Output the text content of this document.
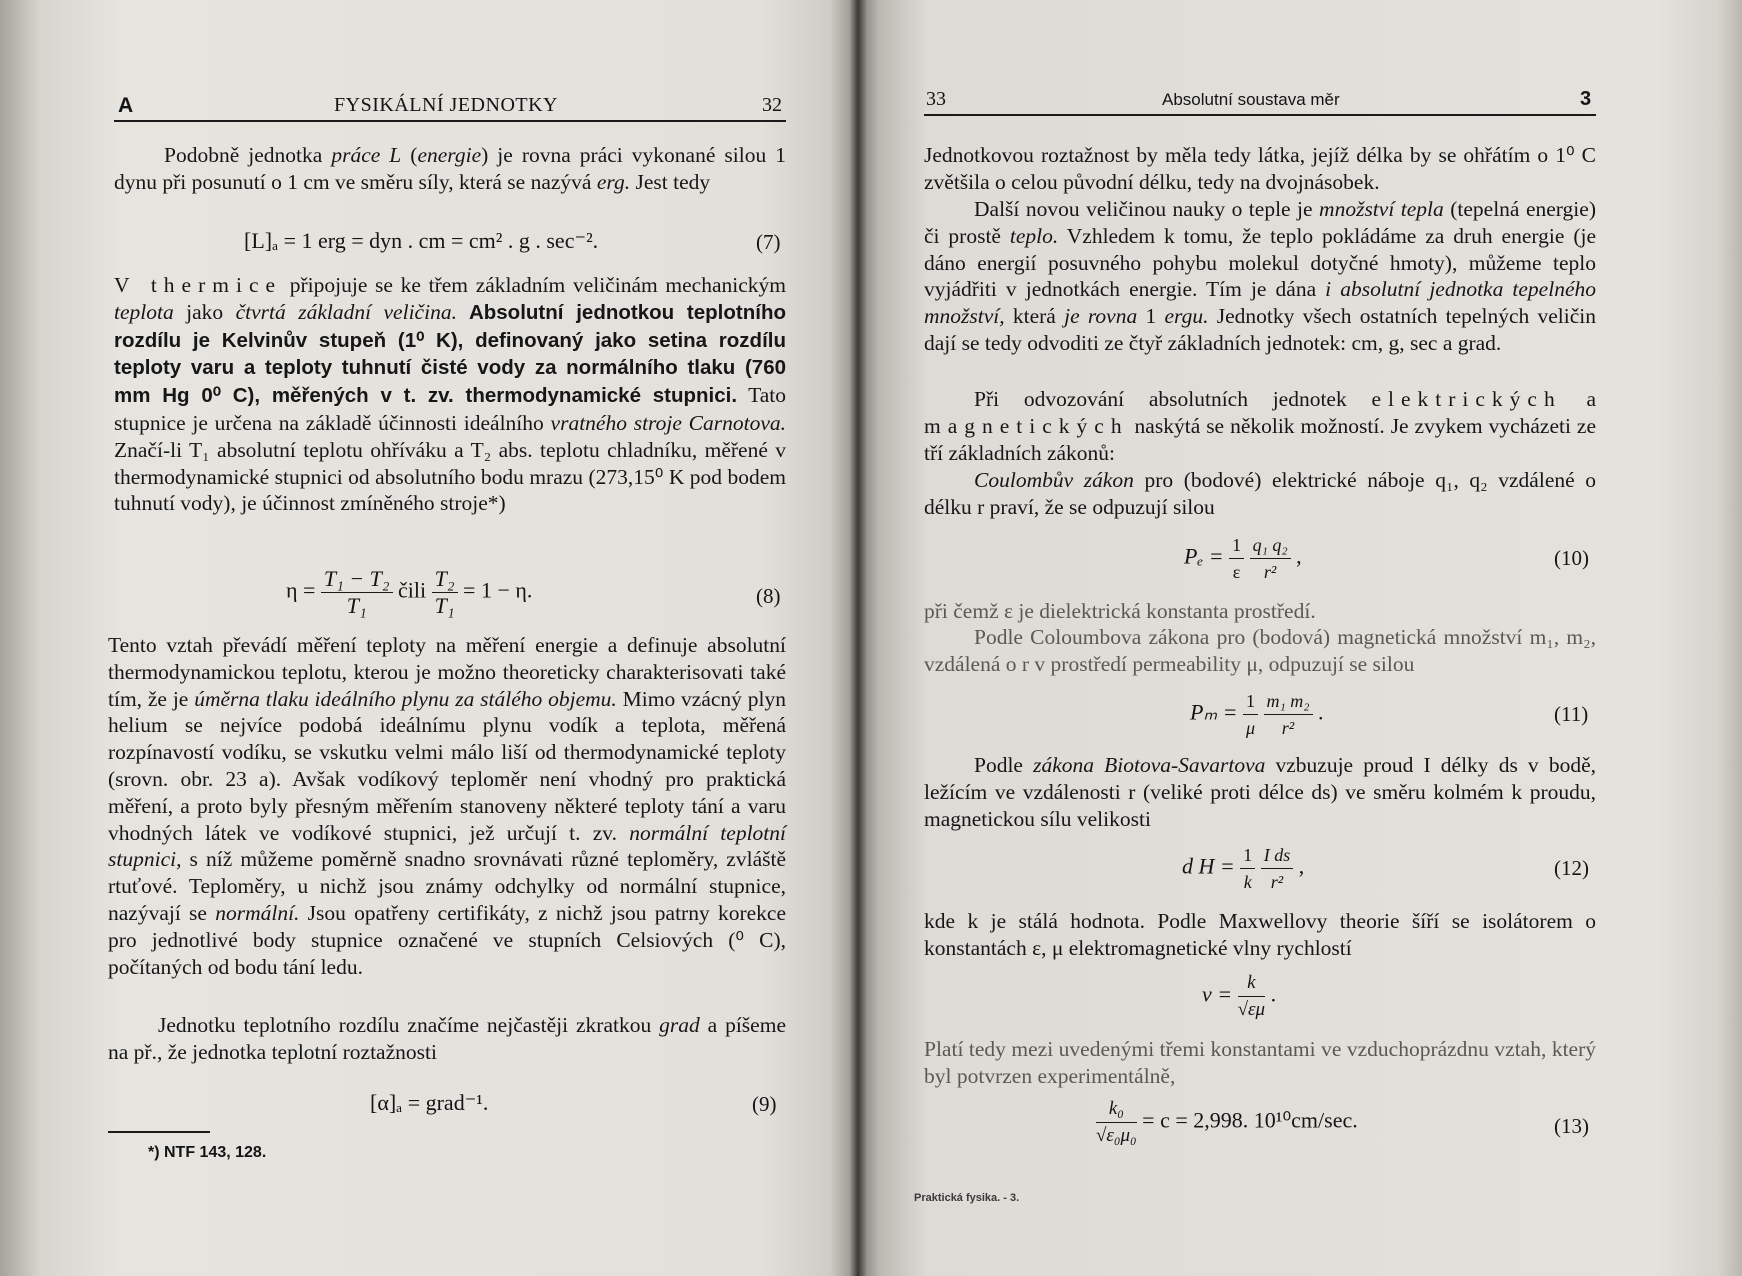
A	FYSIKÁLNÍ JEDNOTKY	32

Podobně jednotka práce L (energie) je rovna práci vykonané silou 1 dynu při posunutí o 1 cm ve směru síly, která se nazývá erg. Jest tedy

[L]ₐ = 1 erg = dyn . cm = cm² . g . sec⁻².	(7)

V thermice připojuje se ke třem základním veličinám mechanickým teplota jako čtvrtá základní veličina. Absolutní jednotkou teplotního rozdílu je Kelvinův stupeň (1⁰ K), definovaný jako setina rozdílu teploty varu a teploty tuhnutí čisté vody za normálního tlaku (760 mm Hg 0⁰ C), měřených v t. zv. thermodynamické stupnici. Tato stupnice je určena na základě účinnosti ideálního vratného stroje Carnotova. Značí-li T₁ absolutní teplotu ohříváku a T₂ abs. teplotu chladníku, měřené v thermodynamické stupnici od absolutního bodu mrazu (273,15⁰ K pod bodem tuhnutí vody), je účinnost zmíněného stroje*)

$\eta = \frac{\text{T₁ − T₂}}{\text{T₁}}$ čili $\frac{\text{T₂}}{\text{T₁}} = 1 - \eta$.	(8)

Tento vztah převádí měření teploty na měření energie a definuje absolutní thermodynamickou teplotu, kterou je možno theoreticky charakterisovati také tím, že je úměrna tlaku ideálního plynu za stálého objemu. Mimo vzácný plyn helium se nejvíce podobá ideálnímu plynu vodík a teplota, měřená rozpínavostí vodíku, se vskutku velmi málo liší od thermodynamické teploty (srovn. obr. 23 a). Avšak vodíkový teploměr není vhodný pro praktická měření, a proto byly přesným měřením stanoveny některé teploty tání a varu vhodných látek ve vodíkové stupnici, jež určují t. zv. normální teplotní stupnici, s níž můžeme poměrně snadno srovnávati různé teploměry, zvláště rtuťové. Teploměry, u nichž jsou známy odchylky od normální stupnice, nazývají se normální. Jsou opatřeny certifikáty, z nichž jsou patrny korekce pro jednotlivé body stupnice označené ve stupních Celsiových (⁰ C), počítaných od bodu tání ledu.

Jednotku teplotního rozdílu značíme nejčastěji zkratkou grad a píšeme na př., že jednotka teplotní roztažnosti

[α]ₐ = grad⁻¹.	(9)
*) NTF 143, 128.
33	Absolutní soustava měr	3

Jednotkovou roztažnost by měla tedy látka, jejíž délka by se ohřátím o 1⁰ C zvětšila o celou původní délku, tedy na dvojnásobek.

Další novou veličinou nauky o teple je množství tepla (tepelná energie) či prostě teplo. Vzhledem k tomu, že teplo pokládáme za druh energie (je dáno energií posuvného pohybu molekul dotyčné hmoty), můžeme teplo vyjádřiti v jednotkách energie. Tím je dána i absolutní jednotka tepelného množství, která je rovna 1 ergu. Jednotky všech ostatních tepelných veličin dají se tedy odvoditi ze čtyř základních jednotek: cm, g, sec a grad.

Při odvozování absolutních jednotek elektrických a magnetických naskýtá se několik možností. Je zvykem vycházeti ze tří základních zákonů:

Coulombův zákon pro (bodové) elektrické náboje q₁, q₂ vzdálené o délku r praví, že se odpuzují silou

$P_e = \frac{1}{\varepsilon}$
$\frac{\text{q₁ q₂}}{\text{r²}}$ ,	(10)

při čemž ε je dielektrická konstanta prostředí.

Podle Coloumbova zákona pro (bodová) magnetická množství m₁, m₂, vzdálená o r v prostředí permeability μ, odpuzují se silou

$P_m = \frac{1}{\mu}$
$\frac{\text{m₁ m₂}}{\text{r²}}$ .	(11)

Podle zákona Biotova-Savartova vzbuzuje proud I délky ds v bodě, ležícím ve vzdálenosti r (veliké proti délce ds) ve směru kolmém k proudu, magnetickou sílu velikosti

d $H = \frac{1}{k}$
$\frac{\text{I ds}}{\text{r²}}$ ,	(12)

kde k je stálá hodnota. Podle Maxwellovy theorie šíří se isolátorem o konstantách ε, μ elektromagnetické vlny rychlostí

$v = \frac{k}{√\varepsilon\mu}$ .

Platí tedy mezi uvedenými třemi konstantami ve vzduchoprázdnu vztah, který byl potvrzen experimentálně,

$\frac{\text{k₀}}{\text{√ε₀μ₀}} = c = 2,998$. 10¹⁰cm/sec.	(13)
Praktická fysika. - 3.
